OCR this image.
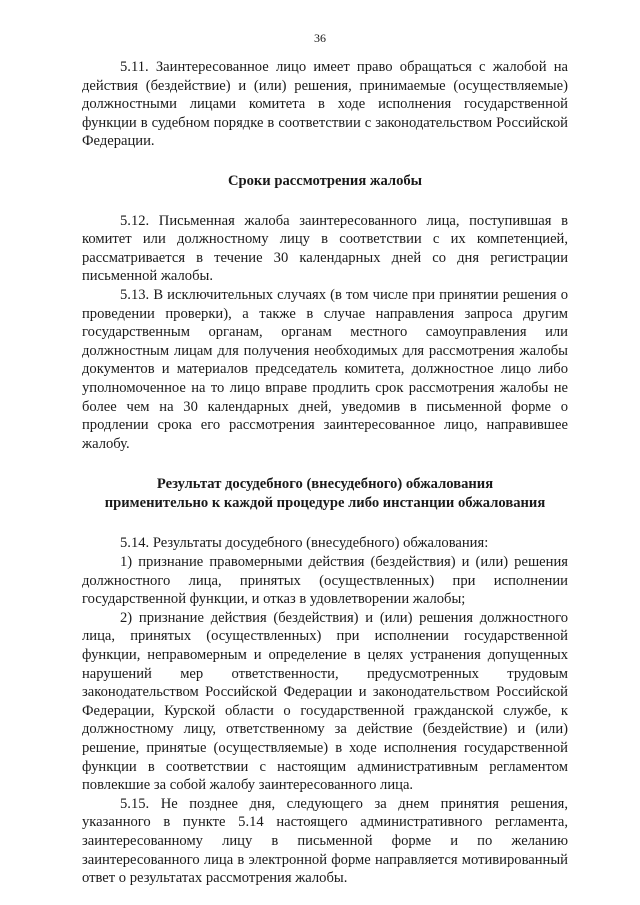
36

5.11. Заинтересованное лицо имеет право обращаться с жалобой на действия (бездействие) и (или) решения, принимаемые (осуществляемые) должностными лицами комитета в ходе исполнения государственной функции в судебном порядке в соответствии с законодательством Российской Федерации.

Сроки рассмотрения жалобы

5.12. Письменная жалоба заинтересованного лица, поступившая в комитет или должностному лицу в соответствии с их компетенцией, рассматривается в течение 30 календарных дней со дня регистрации письменной жалобы.

5.13. В исключительных случаях (в том числе при принятии решения о проведении проверки), а также в случае направления запроса другим государственным органам, органам местного самоуправления или должностным лицам для получения необходимых для рассмотрения жалобы документов и материалов председатель комитета, должностное лицо либо уполномоченное на то лицо вправе продлить срок рассмотрения жалобы не более чем на 30 календарных дней, уведомив в письменной форме о продлении срока его рассмотрения заинтересованное лицо, направившее жалобу.

Результат досудебного (внесудебного) обжалования

применительно к каждой процедуре либо инстанции обжалования

5.14. Результаты досудебного (внесудебного) обжалования:

1) признание правомерными действия (бездействия) и (или) решения должностного лица, принятых (осуществленных) при исполнении государственной функции, и отказ в удовлетворении жалобы;

2) признание действия (бездействия) и (или) решения должностного лица, принятых (осуществленных) при исполнении государственной функции, неправомерным и определение в целях устранения допущенных нарушений мер ответственности, предусмотренных трудовым законодательством Российской Федерации и законодательством Российской Федерации, Курской области о государственной гражданской службе, к должностному лицу, ответственному за действие (бездействие) и (или) решение, принятые (осуществляемые) в ходе исполнения государственной функции в соответствии с настоящим административным регламентом повлекшие за собой жалобу заинтересованного лица.

5.15. Не позднее дня, следующего за днем принятия решения, указанного в пункте 5.14 настоящего административного регламента, заинтересованному лицу в письменной форме и по желанию заинтересованного лица в электронной форме направляется мотивированный ответ о результатах рассмотрения жалобы.
